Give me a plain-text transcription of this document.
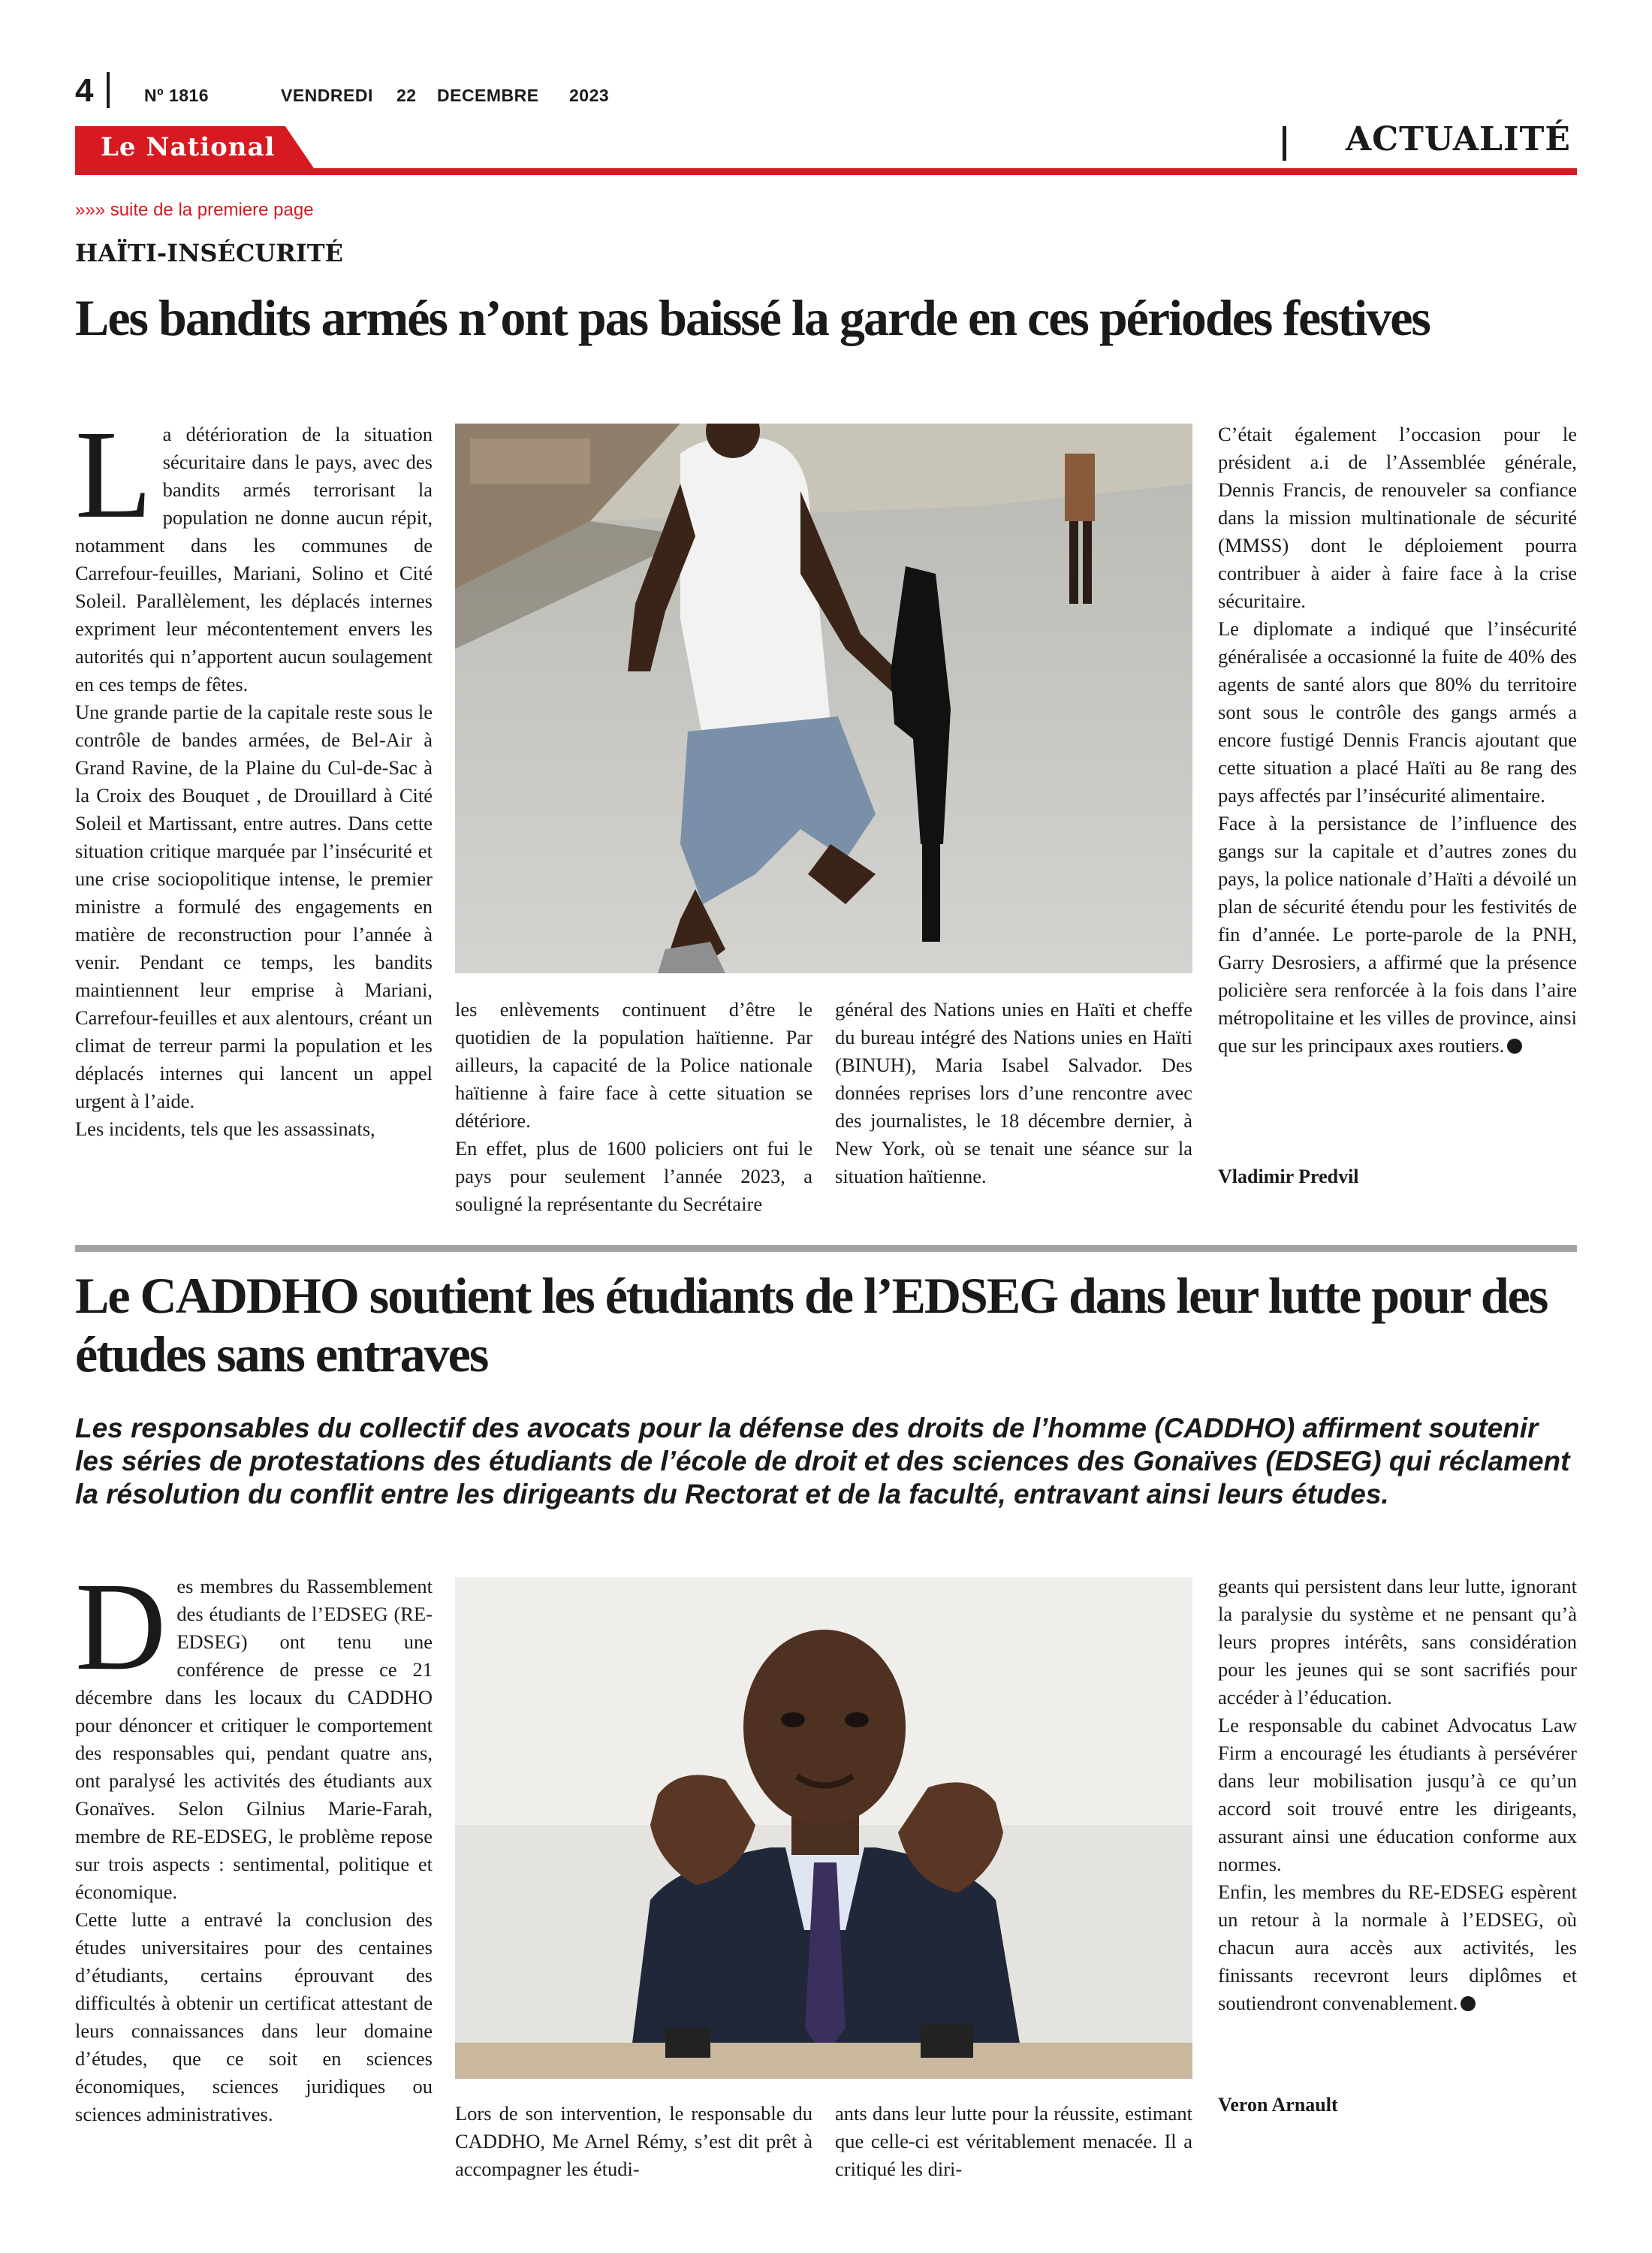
4	Nº 1816	VENDREDI 22 DECEMBRE 2023
Le National	ACTUALITÉ
»»» suite de la premiere page
HAÏTI-INSÉCURITÉ
Les bandits armés n’ont pas baissé la garde en ces périodes festives

La détérioration de la situation sécuritaire dans le pays, avec des bandits armés terrorisant la population ne donne aucun répit, notamment dans les communes de Carrefour-feuilles, Mariani, Solino et Cité Soleil. Parallèlement, les déplacés internes expriment leur mécontentement envers les autorités qui n’apportent aucun soulagement en ces temps de fêtes.

Une grande partie de la capitale reste sous le contrôle de bandes armées, de Bel-Air à Grand Ravine, de la Plaine du Cul-de-Sac à la Croix des Bouquet , de Drouillard à Cité Soleil et Martissant, entre autres. Dans cette situation critique marquée par l’insécurité et une crise sociopolitique intense, le premier ministre a formulé des engagements en matière de reconstruction pour l’année à venir. Pendant ce temps, les bandits maintiennent leur emprise à Mariani, Carrefour-feuilles et aux alentours, créant un climat de terreur parmi la population et les déplacés internes qui lancent un appel urgent à l’aide.

Les incidents, tels que les assassinats,

les enlèvements continuent d’être le quotidien de la population haïtienne. Par ailleurs, la capacité de la Police nationale haïtienne à faire face à cette situation se détériore.

En effet, plus de 1600 policiers ont fui le pays pour seulement l’année 2023, a souligné la représentante du Secrétaire

général des Nations unies en Haïti et cheffe du bureau intégré des Nations unies en Haïti (BINUH), Maria Isabel Salvador. Des données reprises lors d’une rencontre avec des journalistes, le 18 décembre dernier, à New York, où se tenait une séance sur la situation haïtienne.

C’était également l’occasion pour le président a.i de l’Assemblée générale, Dennis Francis, de renouveler sa confiance dans la mission multinationale de sécurité (MMSS) dont le déploiement pourra contribuer à aider à faire face à la crise sécuritaire.

Le diplomate a indiqué que l’insécurité généralisée a occasionné la fuite de 40% des agents de santé alors que 80% du territoire sont sous le contrôle des gangs armés a encore fustigé Dennis Francis ajoutant que cette situation a placé Haïti au 8e rang des pays affectés par l’insécurité alimentaire.

Face à la persistance de l’influence des gangs sur la capitale et d’autres zones du pays, la police nationale d’Haïti a dévoilé un plan de sécurité étendu pour les festivités de fin d’année. Le porte-parole de la PNH, Garry Desrosiers, a affirmé que la présence policière sera renforcée à la fois dans l’aire métropolitaine et les villes de province, ainsi que sur les principaux axes routiers.

Vladimir Predvil
Le CADDHO soutient les étudiants de l’EDSEG dans leur lutte pour des études sans entraves

Les responsables du collectif des avocats pour la défense des droits de l’homme (CADDHO) affirment soutenir les séries de protestations des étudiants de l’école de droit et des sciences des Gonaïves (EDSEG) qui réclament la résolution du conflit entre les dirigeants du Rectorat et de la faculté, entravant ainsi leurs études.

Des membres du Rassemblement des étudiants de l’EDSEG (RE-EDSEG) ont tenu une conférence de presse ce 21 décembre dans les locaux du CADDHO pour dénoncer et critiquer le comportement des responsables qui, pendant quatre ans, ont paralysé les activités des étudiants aux Gonaïves. Selon Gilnius Marie-Farah, membre de RE-EDSEG, le problème repose sur trois aspects : sentimental, politique et économique.

Cette lutte a entravé la conclusion des études universitaires pour des centaines d’étudiants, certains éprouvant des difficultés à obtenir un certificat attestant de leurs connaissances dans leur domaine d’études, que ce soit en sciences économiques, sciences juridiques ou sciences administratives.	Lors de son intervention, le responsable du CADDHO, Me Arnel Rémy, s’est dit prêt à accompagner les étudi-

ants dans leur lutte pour la réussite, estimant que celle-ci est véritablement menacée. Il a critiqué les diri-

geants qui persistent dans leur lutte, ignorant la paralysie du système et ne pensant qu’à leurs propres intérêts, sans considération pour les jeunes qui se sont sacrifiés pour accéder à l’éducation.

Le responsable du cabinet Advocatus Law Firm a encouragé les étudiants à persévérer dans leur mobilisation jusqu’à ce qu’un accord soit trouvé entre les dirigeants, assurant ainsi une éducation conforme aux normes.

Enfin, les membres du RE-EDSEG espèrent un retour à la normale à l’EDSEG, où chacun aura accès aux activités, les finissants recevront leurs diplômes et soutiendront convenablement.

Veron Arnault
